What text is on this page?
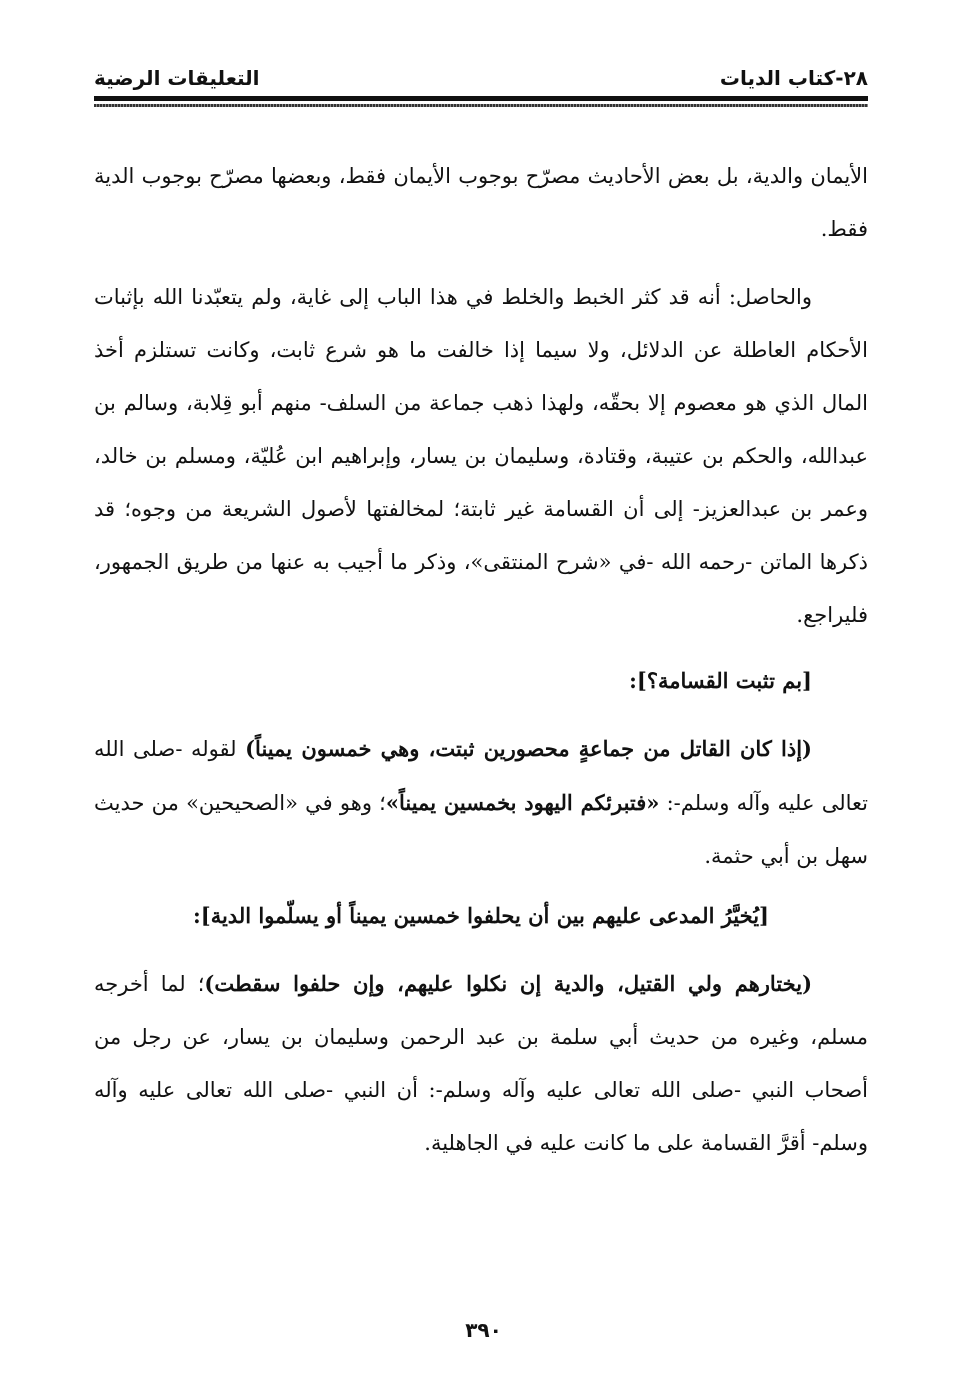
٢٨-كتاب الديات
التعليقات الرضية

الأيمان والدية، بل بعض الأحاديث مصرّح بوجوب الأيمان فقط، وبعضها مصرّح بوجوب الدية فقط.

والحاصل: أنه قد كثر الخبط والخلط في هذا الباب إلى غاية، ولم يتعبّدنا الله بإثبات الأحكام العاطلة عن الدلائل، ولا سيما إذا خالفت ما هو شرع ثابت، وكانت تستلزم أخذ المال الذي هو معصوم إلا بحقّه، ولهذا ذهب جماعة من السلف- منهم أبو قِلابة، وسالم بن عبدالله، والحكم بن عتيبة، وقتادة، وسليمان بن يسار، وإبراهيم ابن عُليّة، ومسلم بن خالد، وعمر بن عبدالعزيز- إلى أن القسامة غير ثابتة؛ لمخالفتها لأصول الشريعة من وجوه؛ قد ذكرها الماتن -رحمه الله -في «شرح المنتقى»، وذكر ما أجيب به عنها من طريق الجمهور، فليراجع.

[بم تثبت القسامة؟]:

(إذا كان القاتل من جماعةٍ محصورين ثبتت، وهي خمسون يميناً) لقوله -صلى الله تعالى عليه وآله وسلم-: «فتبرئكم اليهود بخمسين يميناً»؛ وهو في «الصحيحين» من حديث سهل بن أبي حثمة.

[يُخيَّرُ المدعى عليهم بين أن يحلفوا خمسين يميناً أو يسلّموا الدية]:

(يختارهم ولي القتيل، والدية إن نكلوا عليهم، وإن حلفوا سقطت)؛ لما أخرجه مسلم، وغيره من حديث أبي سلمة بن عبد الرحمن وسليمان بن يسار، عن رجل من أصحاب النبي -صلى الله تعالى عليه وآله وسلم-: أن النبي -صلى الله تعالى عليه وآله وسلم- أقرَّ القسامة على ما كانت عليه في الجاهلية.

٣٩٠
